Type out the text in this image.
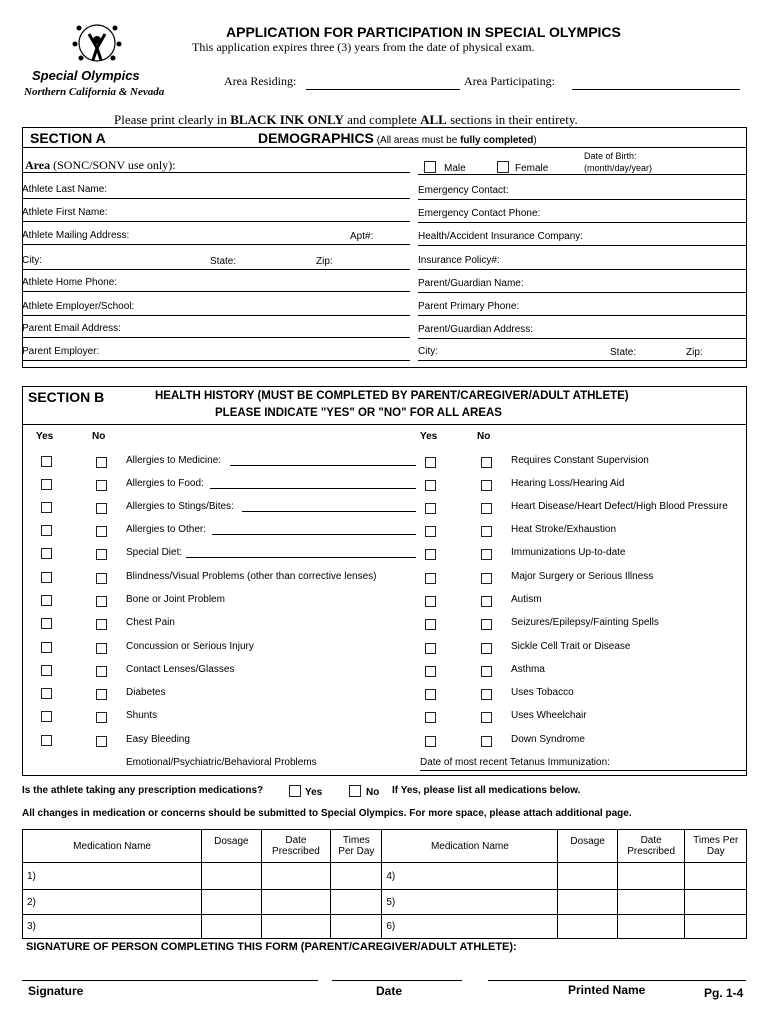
Special Olympics
Northern California & Nevada
APPLICATION FOR PARTICIPATION IN SPECIAL OLYMPICS
This application expires three (3) years from the date of physical exam.
Area Residing:	Area Participating:
Please print clearly in BLACK INK ONLY and complete ALL sections in their entirety.
SECTION A	DEMOGRAPHICS (All areas must be fully completed)
Area (SONC/SONV use only):	Male	Female
Date of Birth:
(month/day/year)
Athlete Last Name:
Athlete First Name:
Athlete Mailing Address:	Apt#:
City:	State:	Zip:
Athlete Home Phone:
Athlete Employer/School:
Parent Email Address:
Parent Employer:
Emergency Contact:
Emergency Contact Phone:
Health/Accident Insurance Company:
Insurance Policy#:
Parent/Guardian Name:
Parent Primary Phone:
Parent/Guardian Address:
City:	State:	Zip:
SECTION B	HEALTH HISTORY (MUST BE COMPLETED BY PARENT/CAREGIVER/ADULT ATHLETE)
PLEASE INDICATE "YES" OR "NO" FOR ALL AREAS
Yes	No	Yes	No
Allergies to Medicine:
Allergies to Food:
Allergies to Stings/Bites:
Allergies to Other:
Special Diet:
Blindness/Visual Problems (other than corrective lenses)
Bone or Joint Problem
Chest Pain
Concussion or Serious Injury
Contact Lenses/Glasses
Diabetes
Shunts
Easy Bleeding
Emotional/Psychiatric/Behavioral Problems
Requires Constant Supervision
Hearing Loss/Hearing Aid
Heart Disease/Heart Defect/High Blood Pressure
Heat Stroke/Exhaustion
Immunizations Up-to-date
Major Surgery or Serious Illness
Autism
Seizures/Epilepsy/Fainting Spells
Sickle Cell Trait or Disease
Asthma
Uses Tobacco
Uses Wheelchair
Down Syndrome
Date of most recent Tetanus Immunization:
Is the athlete taking any prescription medications?	Yes	No If Yes, please list all medications below.
All changes in medication or concerns should be submitted to Special Olympics. For more space, please attach additional page.
Medication Name	Dosage	Date Prescribed	Times Per Day	Medication Name	Dosage	Date Prescribed	Times Per Day
1)				4)			
2)				5)			
3)				6)			
SIGNATURE OF PERSON COMPLETING THIS FORM (PARENT/CAREGIVER/ADULT ATHLETE):
Signature	Date	Printed Name	Pg. 1-4
